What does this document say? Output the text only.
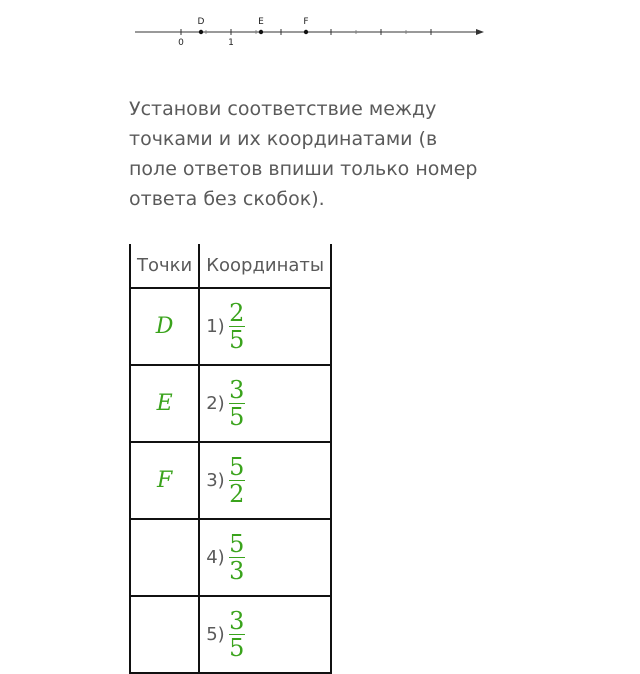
D	E	F
0	1

Установи соответствие между точками и их координатами (в поле ответов впиши только номер ответа без скобок).

Точки	Координаты
D	$1) \frac{2}{5}$

E	$2) \frac{3}{5}$

F	$3) \frac{5}{2}$

	$4) \frac{5}{3}$

	$5) \frac{3}{5}$
